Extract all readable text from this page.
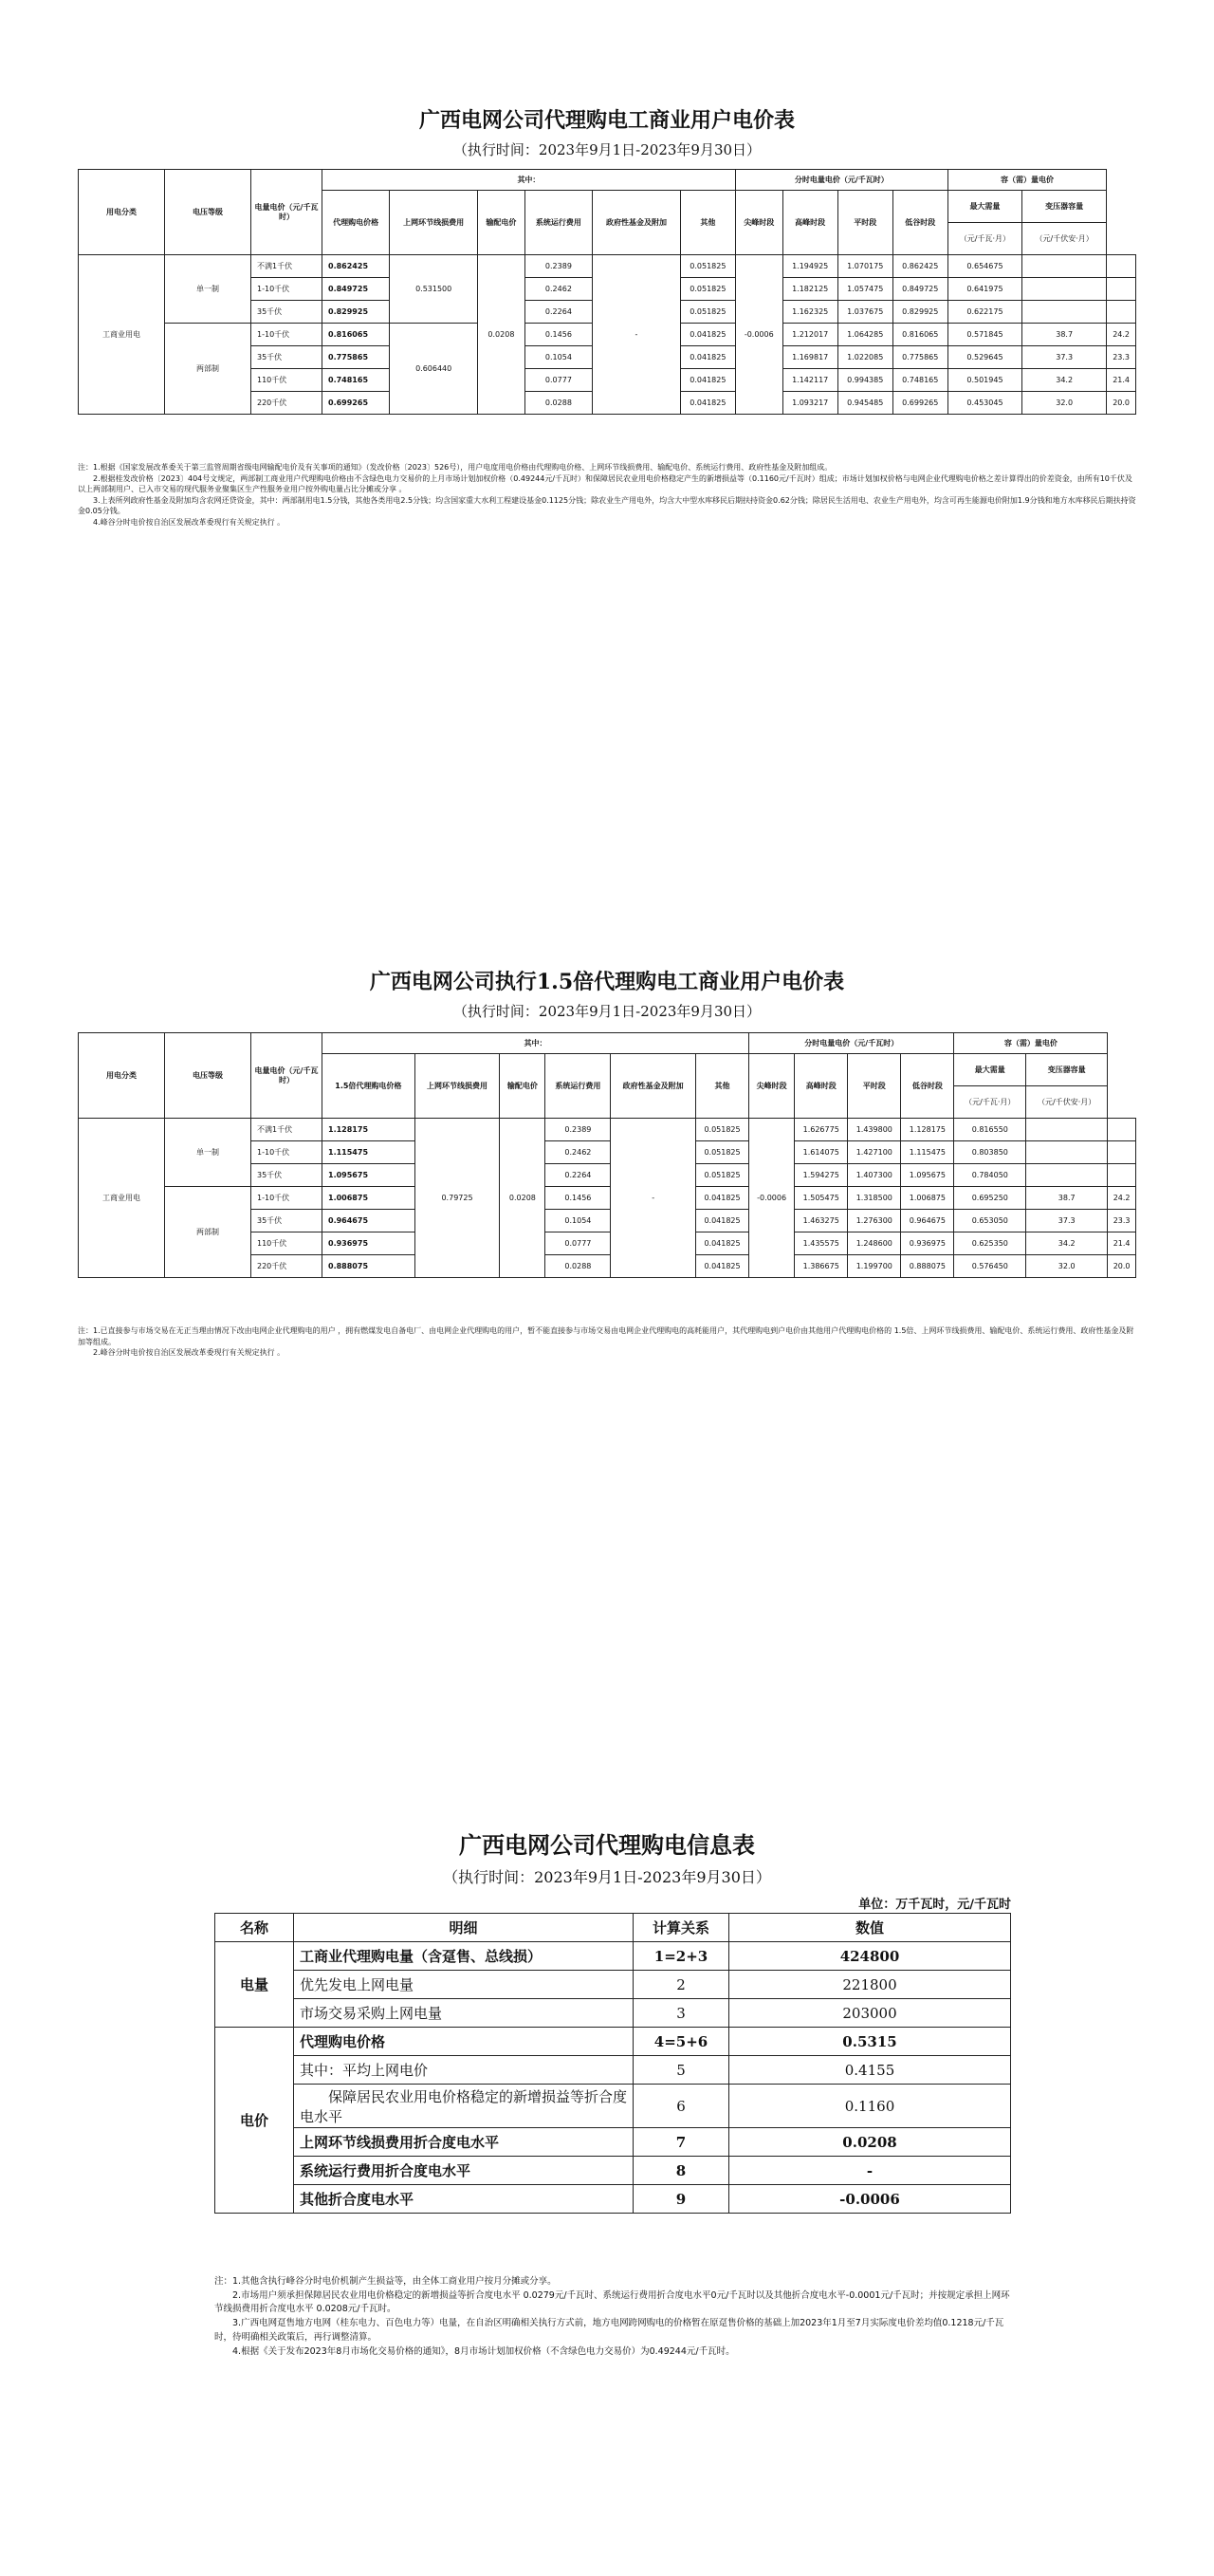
广西电网公司代理购电工商业用户电价表
（执行时间：2023年9月1日-2023年9月30日）
用电分类	电压等级	电量电价（元/千瓦时）	其中：						分时电量电价（元/千瓦时）				容（需）量电价		
			代理购电价格	上网环节线损费用	输配电价	系统运行费用	政府性基金及附加	其他	尖峰时段	高峰时段	平时段	低谷时段	最大需量	变压器容量	
													（元/千瓦·月）	（元/千伏安·月）	
工商业用电	单一制	不满1千伏	0.862425	0.531500	0.0208	0.2389	-	0.051825	-0.0006	1.194925	1.070175	0.862425	0.654675		
		1-10千伏	0.849725			0.2462		0.051825		1.182125	1.057475	0.849725	0.641975		
		35千伏	0.829925			0.2264		0.051825		1.162325	1.037675	0.829925	0.622175		
	两部制	1-10千伏	0.816065	0.606440		0.1456		0.041825		1.212017	1.064285	0.816065	0.571845	38.7	24.2
		35千伏	0.775865			0.1054		0.041825		1.169817	1.022085	0.775865	0.529645	37.3	23.3
		110千伏	0.748165			0.0777		0.041825		1.142117	0.994385	0.748165	0.501945	34.2	21.4
		220千伏	0.699265			0.0288		0.041825		1.093217	0.945485	0.699265	0.453045	32.0	20.0

注：1.根据《国家发展改革委关于第三监管周期省级电网输配电价及有关事项的通知》（发改价格〔2023〕526号），用户电度用电价格由代理购电价格、上网环节线损费用、输配电价、系统运行费用、政府性基金及附加组成。

2.根据桂发改价格〔2023〕404号文规定，两部制工商业用户代理购电价格由不含绿色电力交易价的上月市场计划加权价格（0.49244元/千瓦时）和保障居民农业用电价格稳定产生的新增损益等（0.1160元/千瓦时）组成；市场计划加权价格与电网企业代理购电价格之差计算得出的价差资金，由所有10千伏及以上两部制用户、已入市交易的现代服务业聚集区生产性服务业用户按外购电量占比分摊或分享 。

3.上表所列政府性基金及附加均含农网还贷资金，其中：两部制用电1.5分钱，其他各类用电2.5分钱；均含国家重大水利工程建设基金0.1125分钱；除农业生产用电外，均含大中型水库移民后期扶持资金0.62分钱；除居民生活用电、农业生产用电外，均含可再生能源电价附加1.9分钱和地方水库移民后期扶持资金0.05分钱。

4.峰谷分时电价按自治区发展改革委现行有关规定执行 。

广西电网公司执行1.5倍代理购电工商业用户电价表
（执行时间：2023年9月1日-2023年9月30日）
用电分类	电压等级	电量电价（元/千瓦时）	其中：						分时电量电价（元/千瓦时）				容（需）量电价		
			1.5倍代理购电价格	上网环节线损费用	输配电价	系统运行费用	政府性基金及附加	其他	尖峰时段	高峰时段	平时段	低谷时段	最大需量	变压器容量	
													（元/千瓦·月）	（元/千伏安·月）	
工商业用电	单一制	不满1千伏	1.128175	0.79725	0.0208	0.2389	-	0.051825	-0.0006	1.626775	1.439800	1.128175	0.816550		
		1-10千伏	1.115475			0.2462		0.051825		1.614075	1.427100	1.115475	0.803850		
		35千伏	1.095675			0.2264		0.051825		1.594275	1.407300	1.095675	0.784050		
	两部制	1-10千伏	1.006875			0.1456		0.041825		1.505475	1.318500	1.006875	0.695250	38.7	24.2
		35千伏	0.964675			0.1054		0.041825		1.463275	1.276300	0.964675	0.653050	37.3	23.3
		110千伏	0.936975			0.0777		0.041825		1.435575	1.248600	0.936975	0.625350	34.2	21.4
		220千伏	0.888075			0.0288		0.041825		1.386675	1.199700	0.888075	0.576450	32.0	20.0

注：1.已直接参与市场交易在无正当理由情况下改由电网企业代理购电的用户 ，拥有燃煤发电自备电厂、由电网企业代理购电的用户，暂不能直接参与市场交易由电网企业代理购电的高耗能用户，其代理购电到户电价由其他用户代理购电价格的 1.5倍、上网环节线损费用、输配电价、系统运行费用、政府性基金及附加等组成。

2.峰谷分时电价按自治区发展改革委现行有关规定执行 。

广西电网公司代理购电信息表
（执行时间：2023年9月1日-2023年9月30日）
单位：万千瓦时，元/千瓦时
名称	明细	计算关系	数值
电量	工商业代理购电量（含趸售、总线损）	1=2+3	424800
	优先发电上网电量	2	221800
	市场交易采购上网电量	3	203000
电价	代理购电价格	4=5+6	0.5315
	其中：平均上网电价	5	0.4155
	保障居民农业用电价格稳定的新增损益等折合度电水平	6	0.1160
	上网环节线损费用折合度电水平	7	0.0208
	系统运行费用折合度电水平	8	-
	其他折合度电水平	9	-0.0006

注：1.其他含执行峰谷分时电价机制产生损益等，由全体工商业用户按月分摊或分享。

2.市场用户须承担保障居民农业用电价格稳定的新增损益等折合度电水平 0.0279元/千瓦时、系统运行费用折合度电水平0元/千瓦时以及其他折合度电水平-0.0001元/千瓦时；并按规定承担上网环节线损费用折合度电水平 0.0208元/千瓦时。

3.广西电网趸售地方电网（桂东电力、百色电力等）电量，在自治区明确相关执行方式前，地方电网跨网购电的价格暂在原趸售价格的基础上加2023年1月至7月实际度电价差均值0.1218元/千瓦时，待明确相关政策后，再行调整清算。

4.根据《关于发布2023年8月市场化交易价格的通知》，8月市场计划加权价格（不含绿色电力交易价）为0.49244元/千瓦时。
